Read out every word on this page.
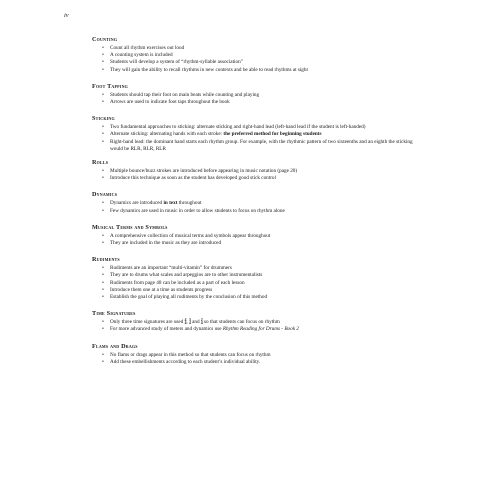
iv
Counting
• Count all rhythm exercises out loud
• A counting system is included
• Students will develop a system of “rhythm-syllable association”
• They will gain the ability to recall rhythms in new contexts and be able to read rhythms at sight
Foot Tapping
• Students should tap their foot on main beats while counting and playing
• Arrows are used to indicate foot taps throughout the book
Sticking
• Two fundamental approaches to sticking: alternate sticking and right-hand lead (left-hand lead if the student is left-handed)
• Alternate sticking: alternating hands with each stroke: the preferred method for beginning students
• Right-hand lead: the dominant hand starts each rhythm group. For example, with the rhythmic pattern of two sixteenths and an eighth the sticking would be RLR, RLR, RLR
Rolls
• Multiple bounce/buzz strokes are introduced before appearing in music notation (page 20)
• Introduce this technique as soon as the student has developed good stick control
Dynamics
• Dynamics are introduced in text throughout
• Few dynamics are used in music in order to allow students to focus on rhythm alone
Musical Terms and Symbols
• A comprehensive collection of musical terms and symbols appear throughout
• They are included in the music as they are introduced
Rudiments
• Rudiments are an important “multi-vitamin” for drummers
• They are to drums what scales and arpeggios are to other instrumentalists
• Rudiments from page 48 can be included as a part of each lesson
• Introduce them one at a time as students progress
• Establish the goal of playing all rudiments by the conclusion of this method
Time Signatures
• Only three time signatures are used 4
4 , 3
4 and 2
4 so that students can focus on rhythm
• For more advanced study of meters and dynamics use Rhythm Reading for Drums - Book 2
Flams and Drags
• No flams or drags appear in this method so that students can focus on rhythm
• Add these embellishments according to each student’s individual ability.
